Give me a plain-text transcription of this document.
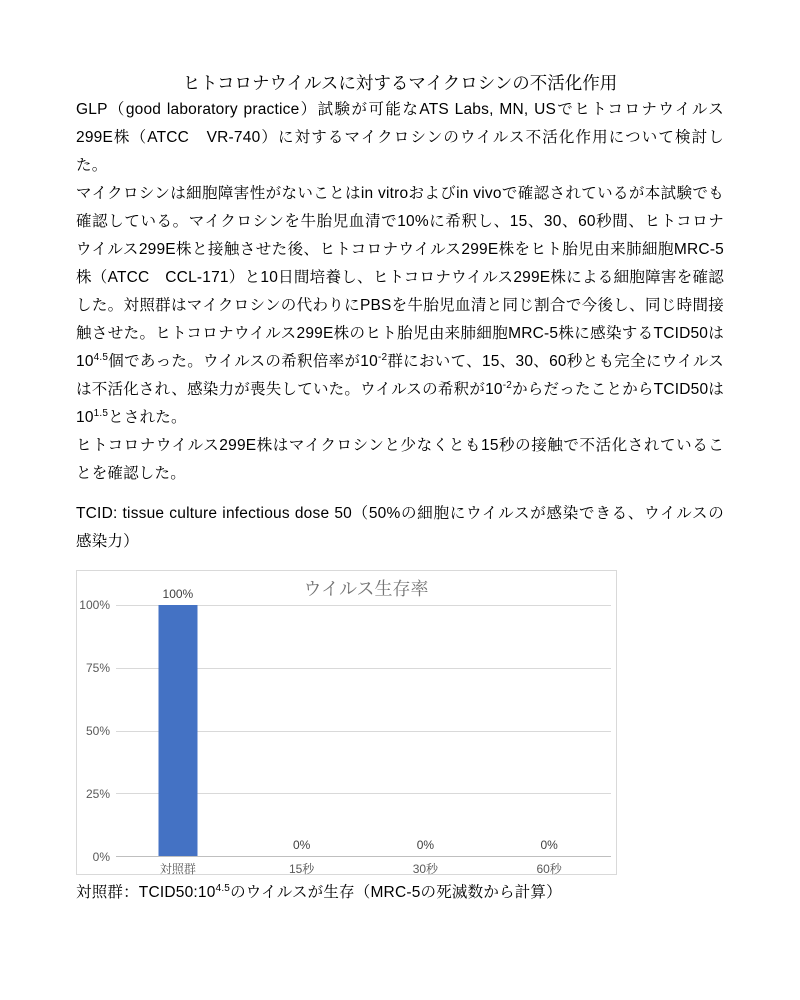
ヒトコロナウイルスに対するマイクロシンの不活化作用

GLP（good laboratory practice）試験が可能なATS Labs, MN, USでヒトコロナウイルス299E株（ATCC　VR-740）に対するマイクロシンのウイルス不活化作用について検討した。

マイクロシンは細胞障害性がないことはin vitroおよびin vivoで確認されているが本試験でも確認している。マイクロシンを牛胎児血清で10%に希釈し、15、30、60秒間、ヒトコロナウイルス299E株と接触させた後、ヒトコロナウイルス299E株をヒト胎児由来肺細胞MRC-5株（ATCC　CCL-171）と10日間培養し、ヒトコロナウイルス299E株による細胞障害を確認した。対照群はマイクロシンの代わりにPBSを牛胎児血清と同じ割合で今後し、同じ時間接触させた。ヒトコロナウイルス299E株のヒト胎児由来肺細胞MRC-5株に感染するTCID50は$10^{4.5}$個であった。ウイルスの希釈倍率が$10^{-2}$群において、15、30、60秒とも完全にウイルスは不活化され、感染力が喪失していた。ウイルスの希釈が$10^{-2}$からだったことからTCID50は$10^{1.5}$とされた。

ヒトコロナウイルス299E株はマイクロシンと少なくとも15秒の接触で不活化されていることを確認した。

TCID: tissue culture infectious dose 50（50%の細胞にウイルスが感染できる、ウイルスの感染力）

ウイルス生存率
100%
75%
50%
25%
0%
100%
0%	0%	0%
対照群	15秒	30秒	60秒

対照群：$TCID50:10^{4.5}$のウイルスが生存（MRC-5の死滅数から計算）
